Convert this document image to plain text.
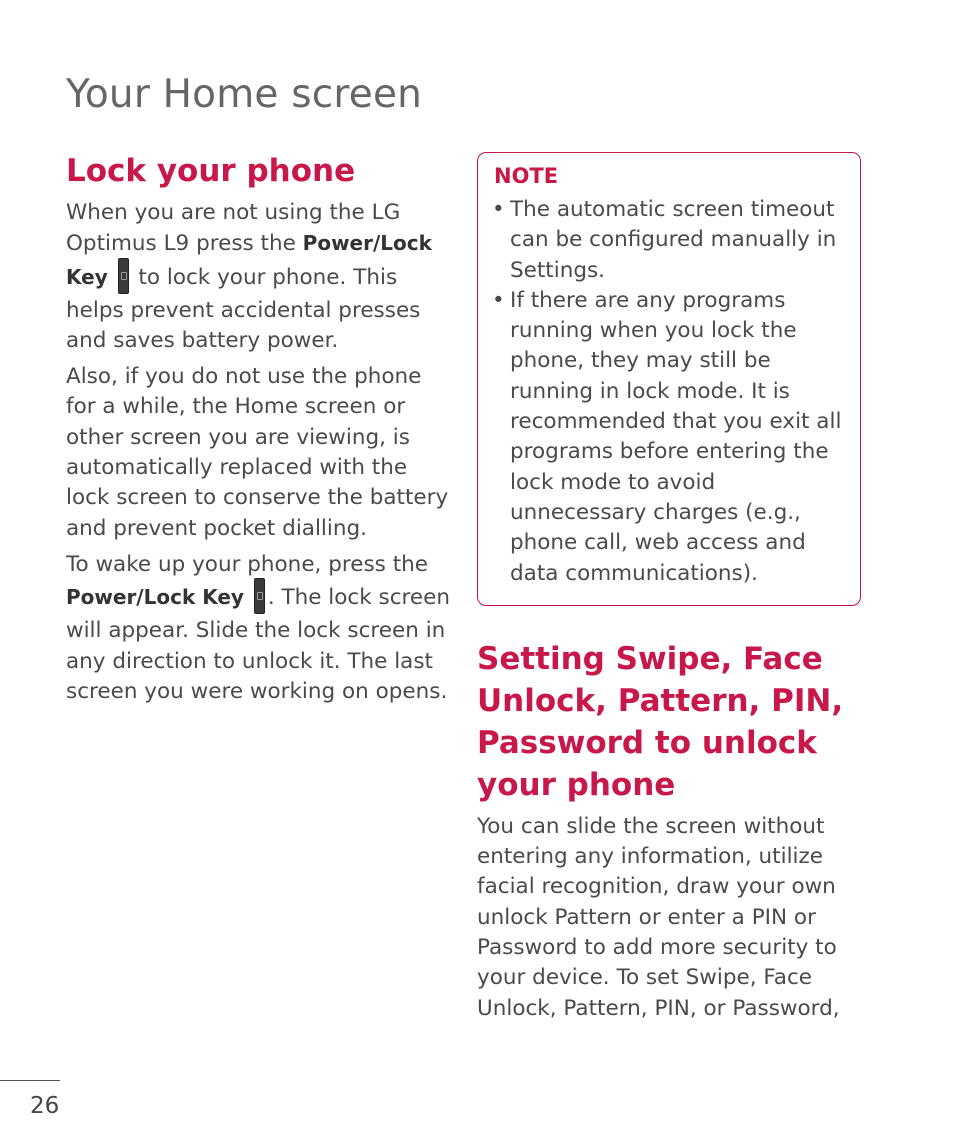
Your Home screen
Lock your phone

When you are not using the LG Optimus L9 press the Power/Lock Key  to lock your phone. This helps prevent accidental presses and saves battery power.

Also, if you do not use the phone for a while, the Home screen or other screen you are viewing, is automatically replaced with the lock screen to conserve the battery and prevent pocket dialling.

To wake up your phone, press the Power/Lock Key . The lock screen will appear. Slide the lock screen in any direction to unlock it. The last screen you were working on opens.

NOTE
• The automatic screen timeout can be configured manually in Settings.
• If there are any programs running when you lock the phone, they may still be running in lock mode. It is recommended that you exit all programs before entering the lock mode to avoid unnecessary charges (e.g., phone call, web access and data communications).
Setting Swipe, Face Unlock, Pattern, PIN, Password to unlock your phone

You can slide the screen without entering any information, utilize facial recognition, draw your own unlock Pattern or enter a PIN or Password to add more security to your device. To set Swipe, Face Unlock, Pattern, PIN, or Password,

26
